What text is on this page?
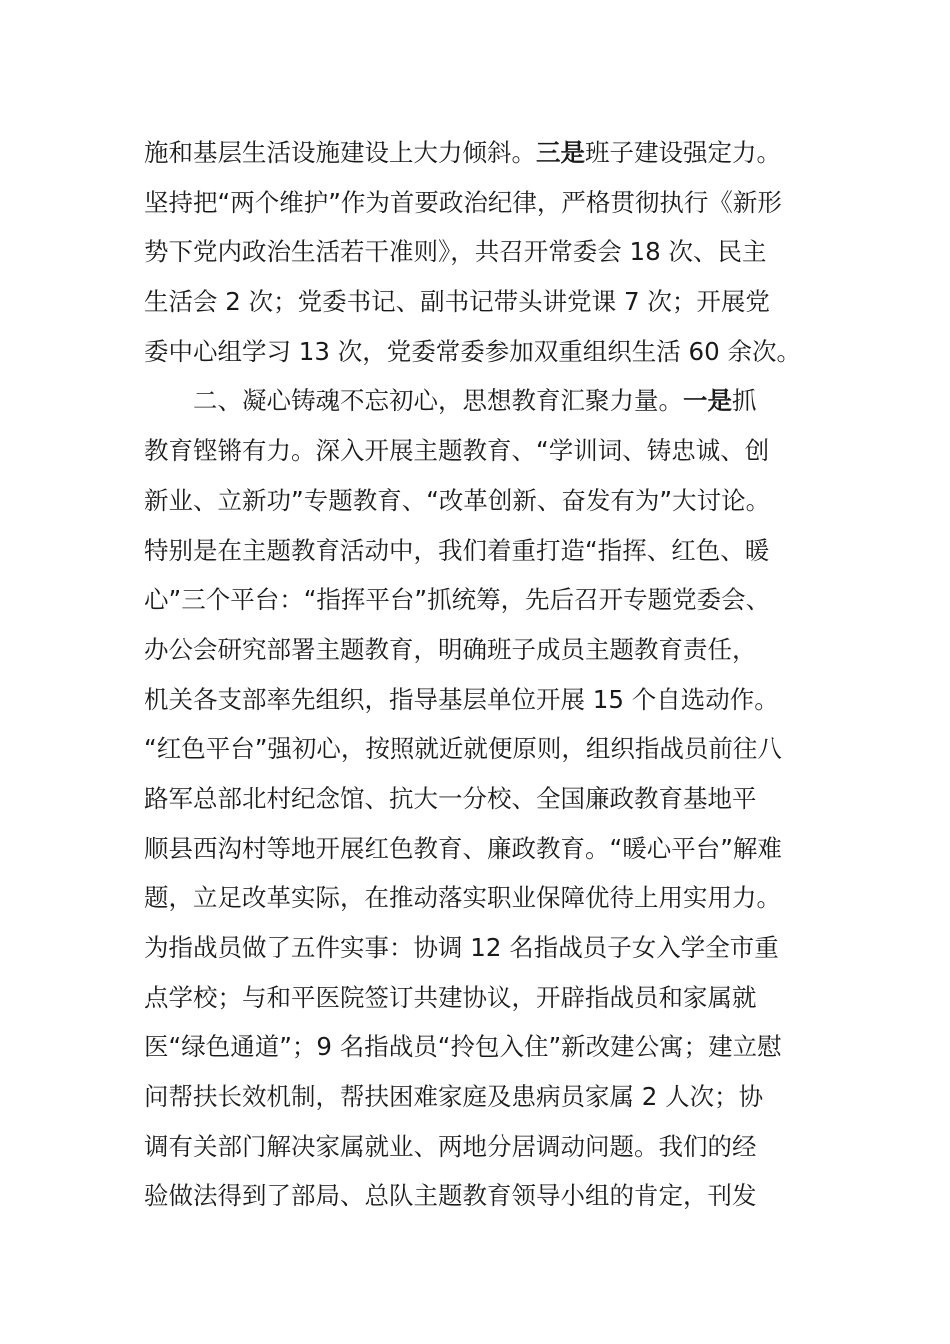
施和基层生活设施建设上大力倾斜。三是班子建设强定力。
坚持把“两个维护”作为首要政治纪律，严格贯彻执行《新形
势下党内政治生活若干准则》，共召开常委会 18 次、民主
生活会 2 次；党委书记、副书记带头讲党课 7 次；开展党
委中心组学习 13 次，党委常委参加双重组织生活 60 余次。
二、凝心铸魂不忘初心，思想教育汇聚力量。一是抓
教育铿锵有力。深入开展主题教育、“学训词、铸忠诚、创
新业、立新功”专题教育、“改革创新、奋发有为”大讨论。
特别是在主题教育活动中，我们着重打造“指挥、红色、暖
心”三个平台：“指挥平台”抓统筹，先后召开专题党委会、
办公会研究部署主题教育，明确班子成员主题教育责任，
机关各支部率先组织，指导基层单位开展 15 个自选动作。
“红色平台”强初心，按照就近就便原则，组织指战员前往八
路军总部北村纪念馆、抗大一分校、全国廉政教育基地平
顺县西沟村等地开展红色教育、廉政教育。“暖心平台”解难
题，立足改革实际，在推动落实职业保障优待上用实用力。
为指战员做了五件实事：协调 12 名指战员子女入学全市重
点学校；与和平医院签订共建协议，开辟指战员和家属就
医“绿色通道”；9 名指战员“拎包入住”新改建公寓；建立慰
问帮扶长效机制，帮扶困难家庭及患病员家属 2 人次；协
调有关部门解决家属就业、两地分居调动问题。我们的经
验做法得到了部局、总队主题教育领导小组的肯定，刊发
